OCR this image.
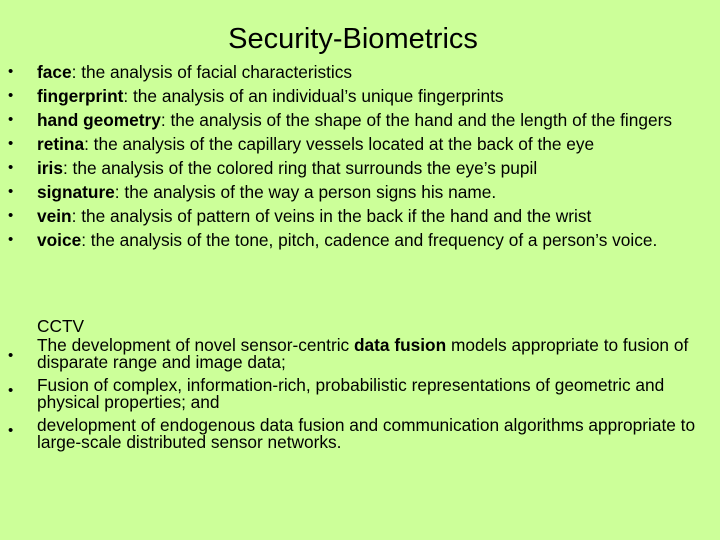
Security-Biometrics
• face: the analysis of facial characteristics
• fingerprint: the analysis of an individual’s unique fingerprints
• hand geometry: the analysis of the shape of the hand and the length of the fingers
• retina: the analysis of the capillary vessels located at the back of the eye
• iris: the analysis of the colored ring that surrounds the eye’s pupil
• signature: the analysis of the way a person signs his name.
• vein: the analysis of pattern of veins in the back if the hand and the wrist
• voice: the analysis of the tone, pitch, cadence and frequency of a person’s voice.
CCTV
•
The development of novel sensor-centric data fusion models appropriate to fusion of disparate range and image data;
• Fusion of complex, information-rich, probabilistic representations of geometric and physical properties; and
• development of endogenous data fusion and communication algorithms appropriate to large-scale distributed sensor networks.
